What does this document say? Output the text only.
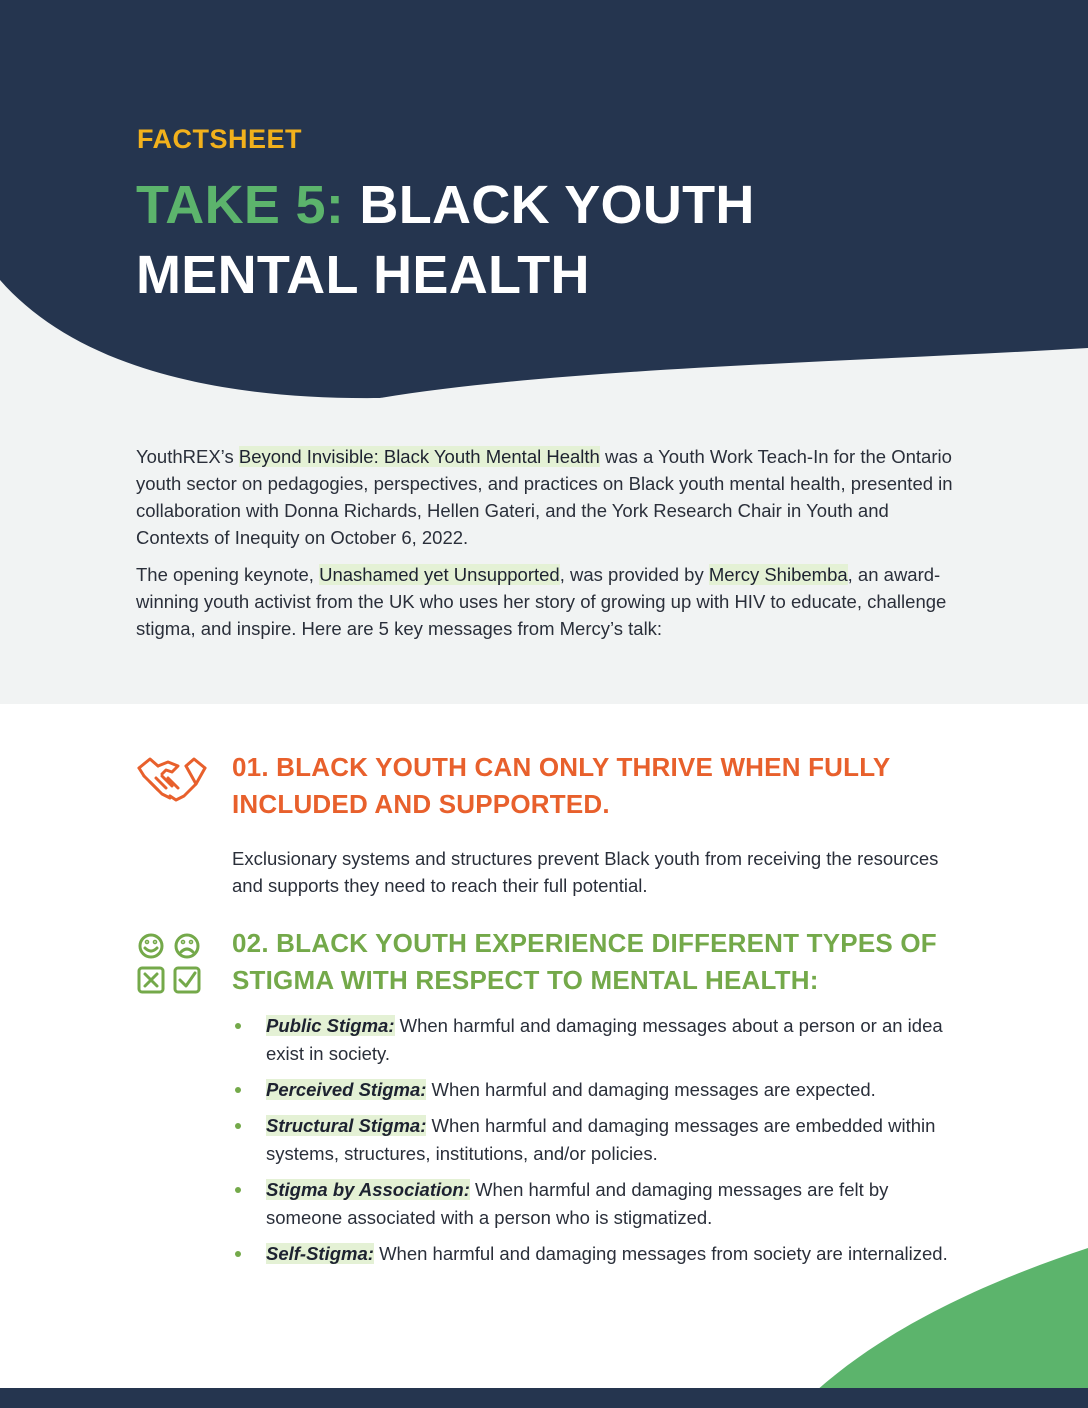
FACTSHEET
TAKE 5: BLACK YOUTH MENTAL HEALTH

YouthREX’s Beyond Invisible: Black Youth Mental Health was a Youth Work Teach-In for the Ontario youth sector on pedagogies, perspectives, and practices on Black youth mental health, presented in collaboration with Donna Richards, Hellen Gateri, and the York Research Chair in Youth and Contexts of Inequity on October 6, 2022.

The opening keynote, Unashamed yet Unsupported, was provided by Mercy Shibemba, an award-winning youth activist from the UK who uses her story of growing up with HIV to educate, challenge stigma, and inspire. Here are 5 key messages from Mercy’s talk:

01. BLACK YOUTH CAN ONLY THRIVE WHEN FULLY INCLUDED AND SUPPORTED.

Exclusionary systems and structures prevent Black youth from receiving the resources and supports they need to reach their full potential.

02. BLACK YOUTH EXPERIENCE DIFFERENT TYPES OF STIGMA WITH RESPECT TO MENTAL HEALTH:
Public Stigma: When harmful and damaging messages about a person or an idea exist in society.
Perceived Stigma: When harmful and damaging messages are expected.
Structural Stigma: When harmful and damaging messages are embedded within systems, structures, institutions, and/or policies.
Stigma by Association: When harmful and damaging messages are felt by someone associated with a person who is stigmatized.
Self-Stigma: When harmful and damaging messages from society are internalized.
